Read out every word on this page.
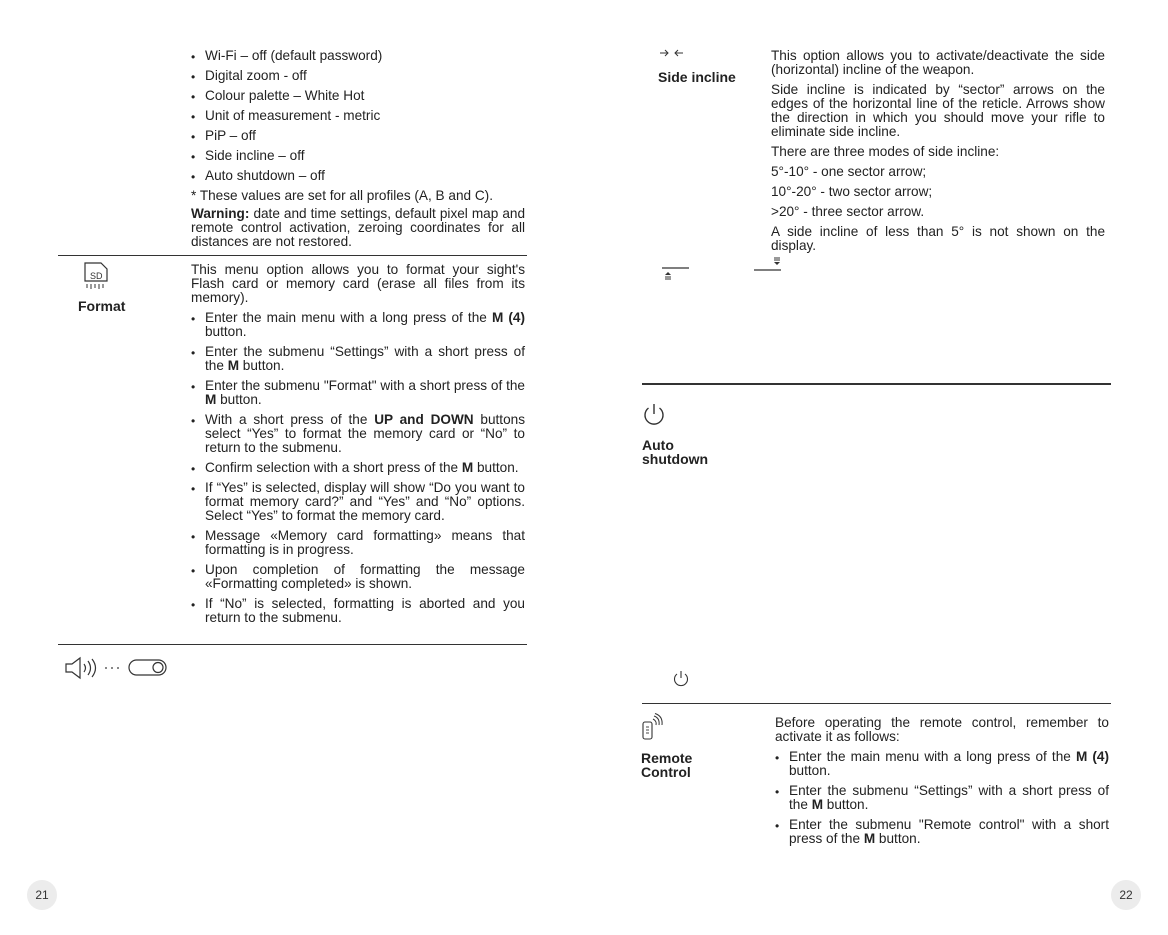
• Wi-Fi – off (default password)
• Digital zoom - off
• Colour palette – White Hot
• Unit of measurement - metric
• PiP – off
• Side incline – off
• Auto shutdown – off
* These values are set for all profiles (A, B and C).
Warning: date and time settings, default pixel map and remote control activation, zeroing coordinates for all distances are not restored.
SD
Format
This menu option allows you to format your sight's Flash card or memory card (erase all files from its memory).
• Enter the main menu with a long press of the M (4) button.
• Enter the submenu “Settings” with a short press of the M button.
• Enter the submenu "Format" with a short press of the M button.
• With a short press of the UP and DOWN buttons select “Yes” to format the memory card or “No” to return to the submenu.
• Confirm selection with a short press of the M button.
• If “Yes” is selected, display will show “Do you want to format memory card?” and “Yes” and “No” options. Select “Yes” to format the memory card.
• Message «Memory card formatting» means that formatting is in progress.
• Upon completion of formatting the message «Formatting completed» is shown.
• If “No” is selected, formatting is aborted and you return to the submenu.
21
Side incline
This option allows you to activate/deactivate the side (horizontal) incline of the weapon.
Side incline is indicated by “sector” arrows on the edges of the horizontal line of the reticle. Arrows show the direction in which you should move your rifle to eliminate side incline.
There are three modes of side incline:
5°-10° - one sector arrow;
10°-20° - two sector arrow;
>20° - three sector arrow.
A side incline of less than 5° is not shown on the display.
Auto
shutdown
Remote
Control
Before operating the remote control, remember to activate it as follows:
• Enter the main menu with a long press of the M (4) button.
• Enter the submenu “Settings” with a short press of the M button.
• Enter the submenu "Remote control" with a short press of the M button.
22
